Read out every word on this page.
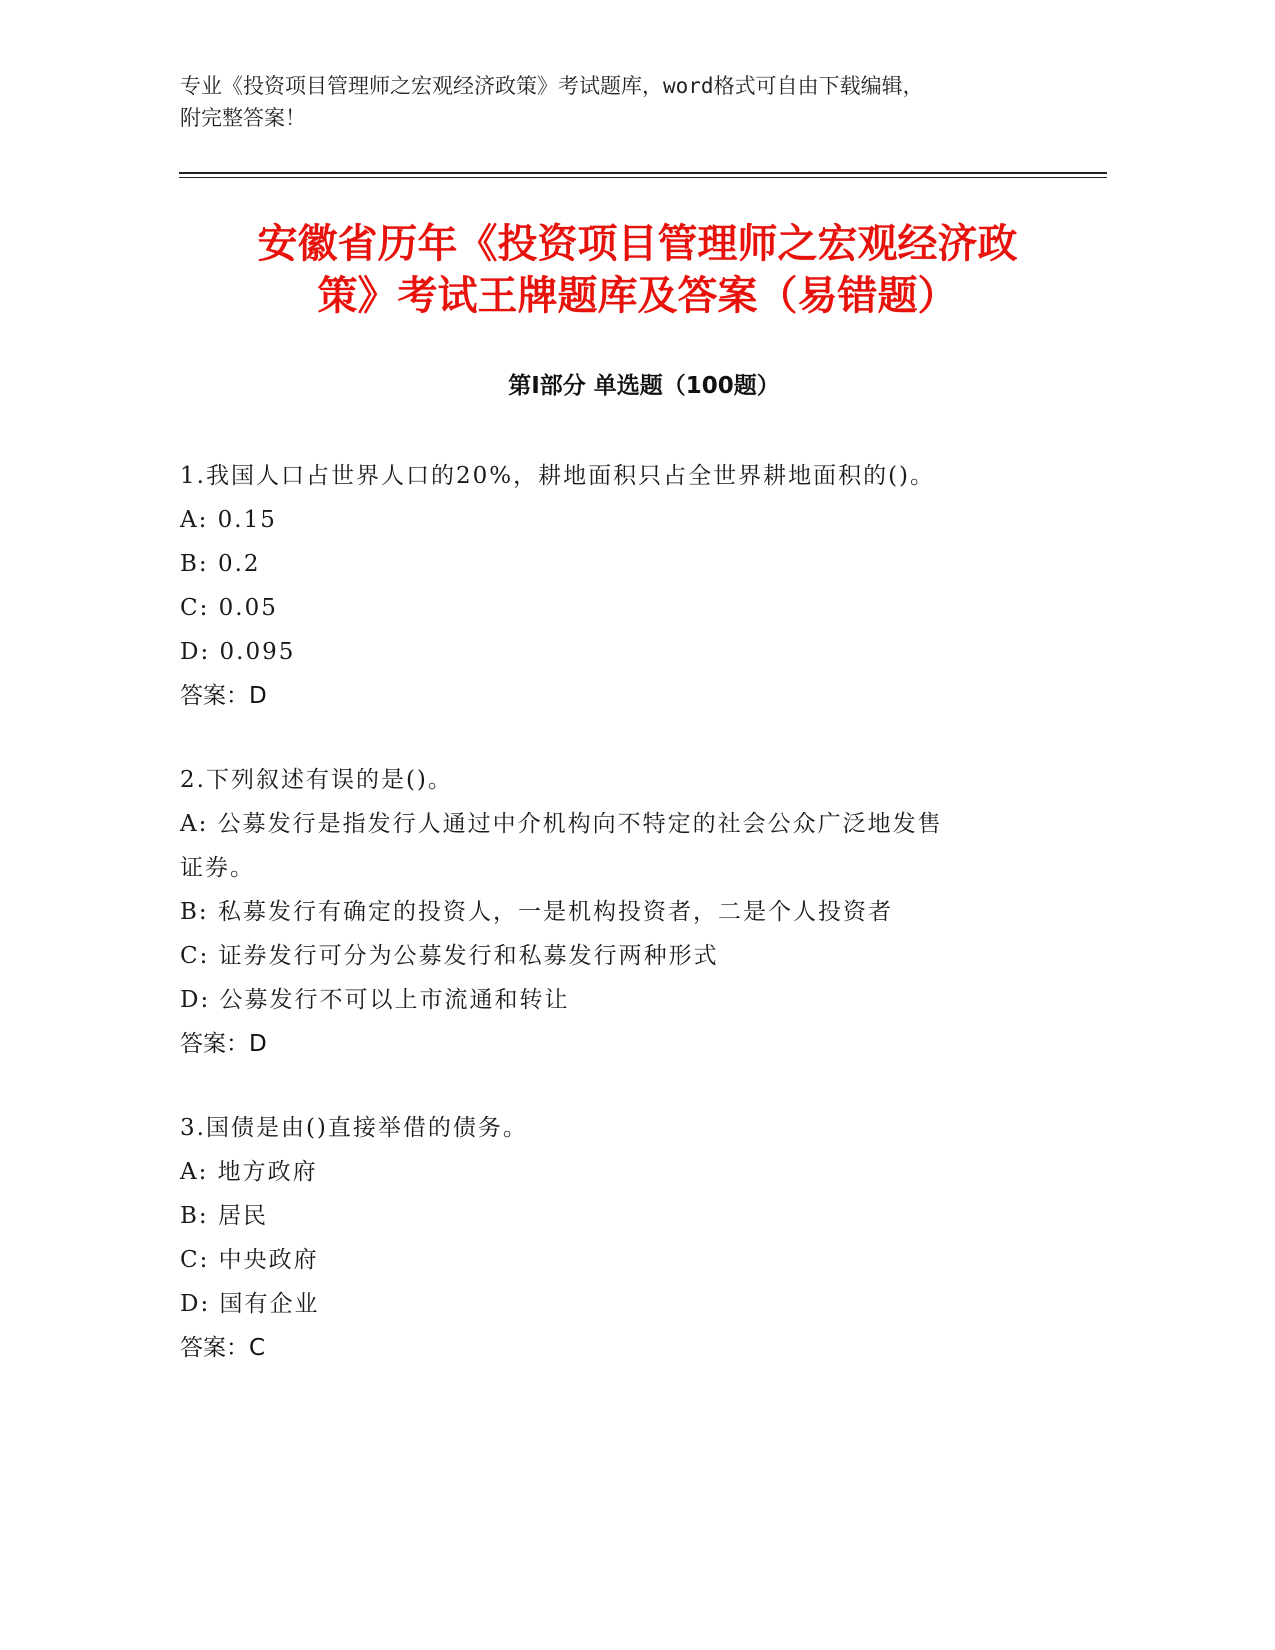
专业《投资项目管理师之宏观经济政策》考试题库，word格式可自由下载编辑，
附完整答案！
安徽省历年《投资项目管理师之宏观经济政
策》考试王牌题库及答案（易错题）
第I部分 单选题（100题）

1.我国人口占世界人口的20%，耕地面积只占全世界耕地面积的()。

A: 0.15

B: 0.2

C: 0.05

D: 0.095

答案：D

2.下列叙述有误的是()。

A: 公募发行是指发行人通过中介机构向不特定的社会公众广泛地发售

证券。

B: 私募发行有确定的投资人，一是机构投资者，二是个人投资者

C: 证券发行可分为公募发行和私募发行两种形式

D: 公募发行不可以上市流通和转让

答案：D

3.国债是由()直接举借的债务。

A: 地方政府

B: 居民

C: 中央政府

D: 国有企业

答案：C
